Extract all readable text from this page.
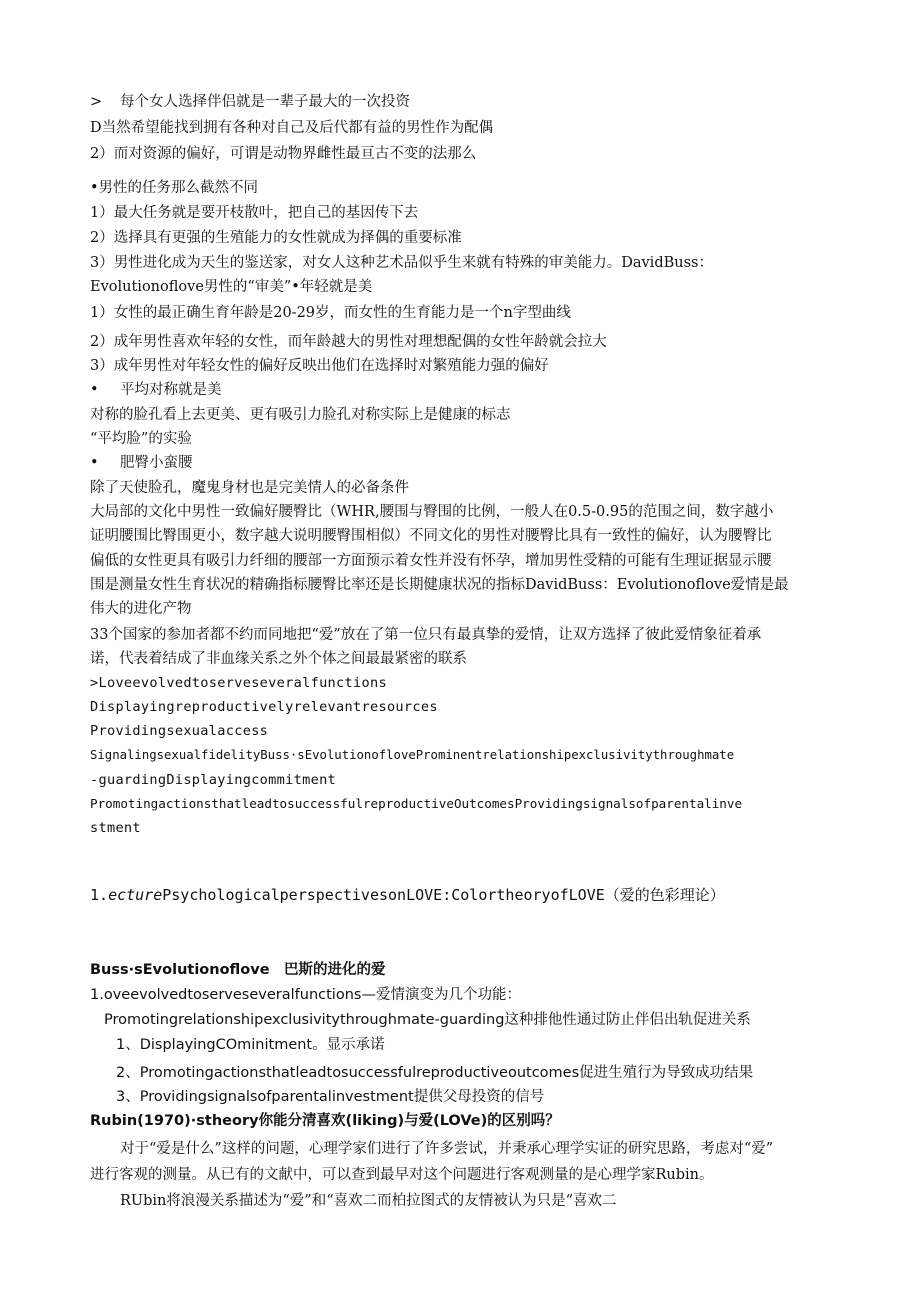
> 每个女人选择伴侣就是一辈子最大的一次投资
D当然希望能找到拥有各种对自己及后代都有益的男性作为配偶
2）而对资源的偏好，可谓是动物界雌性最亘古不变的法那么
•男性的任务那么截然不同
1）最大任务就是要开枝散叶，把自己的基因传下去
2）选择具有更强的生殖能力的女性就成为择偶的重要标准
3）男性进化成为天生的鉴送家，对女人这种艺术品似乎生来就有特殊的审美能力。DavidBuss：
Evolutionoflove男性的“审美”•年轻就是美
1）女性的最正确生育年龄是20-29岁，而女性的生育能力是一个n字型曲线
2）成年男性喜欢年轻的女性，而年龄越大的男性对理想配偶的女性年龄就会拉大
3）成年男性对年轻女性的偏好反映出他们在选择时对繁殖能力强的偏好
• 平均对称就是美
对称的脸孔看上去更美、更有吸引力脸孔对称实际上是健康的标志
“平均脸”的实验
• 肥臀小蛮腰
除了天使脸孔，魔鬼身材也是完美情人的必备条件
大局部的文化中男性一致偏好腰臀比（WHR,腰围与臀围的比例，一般人在0.5-0.95的范围之间，数字越小
证明腰围比臀围更小，数字越大说明腰臀围相似）不同文化的男性对腰臀比具有一致性的偏好，认为腰臀比
偏低的女性更具有吸引力纤细的腰部一方面预示着女性并没有怀孕，增加男性受精的可能有生理证据显示腰
围是测量女性生育状况的精确指标腰臀比率还是长期健康状况的指标DavidBuss：Evolutionoflove爱情是最
伟大的进化产物
33个国家的参加者都不约而同地把“爱”放在了第一位只有最真挚的爱情，让双方选择了彼此爱情象征着承
诺，代表着结成了非血缘关系之外个体之间最最紧密的联系
>Loveevolvedtoserveseveralfunctions
Displayingreproductivelyrelevantresources
Providingsexualaccess
SignalingsexualfidelityBuss·sEvolutionofloveProminentrelationshipexclusivitythroughmate
-guardingDisplayingcommitment
PromotingactionsthatleadtosuccessfulreproductiveOutcomesProvidingsignalsofparentalinve
stment
1.ecturePsychologicalperspectivesonLOVE:ColortheoryofLOVE（爱的色彩理论）
Buss·sEvolutionoflove　巴斯的进化的爱
1.oveevolvedtoserveseveralfunctions—爱情演变为几个功能：
Promotingrelationshipexclusivitythroughmate-guarding这种排他性通过防止伴侣出轨促进关系
1、DisplayingCOminitment。显示承诺
2、Promotingactionsthatleadtosuccessfulreproductiveoutcomes促进生殖行为导致成功结果
3、Providingsignalsofparentalinvestment提供父母投资的信号
Rubin(1970)·stheory你能分清喜欢(liking)与爱(LOVe)的区别吗？
对于“爱是什么”这样的问题，心理学家们进行了许多尝试，并秉承心理学实证的研究思路，考虑对“爱”
进行客观的测量。从已有的文献中，可以查到最早对这个问题进行客观测量的是心理学家Rubin。
RUbin将浪漫关系描述为“爱”和“喜欢二而柏拉图式的友情被认为只是“喜欢二
